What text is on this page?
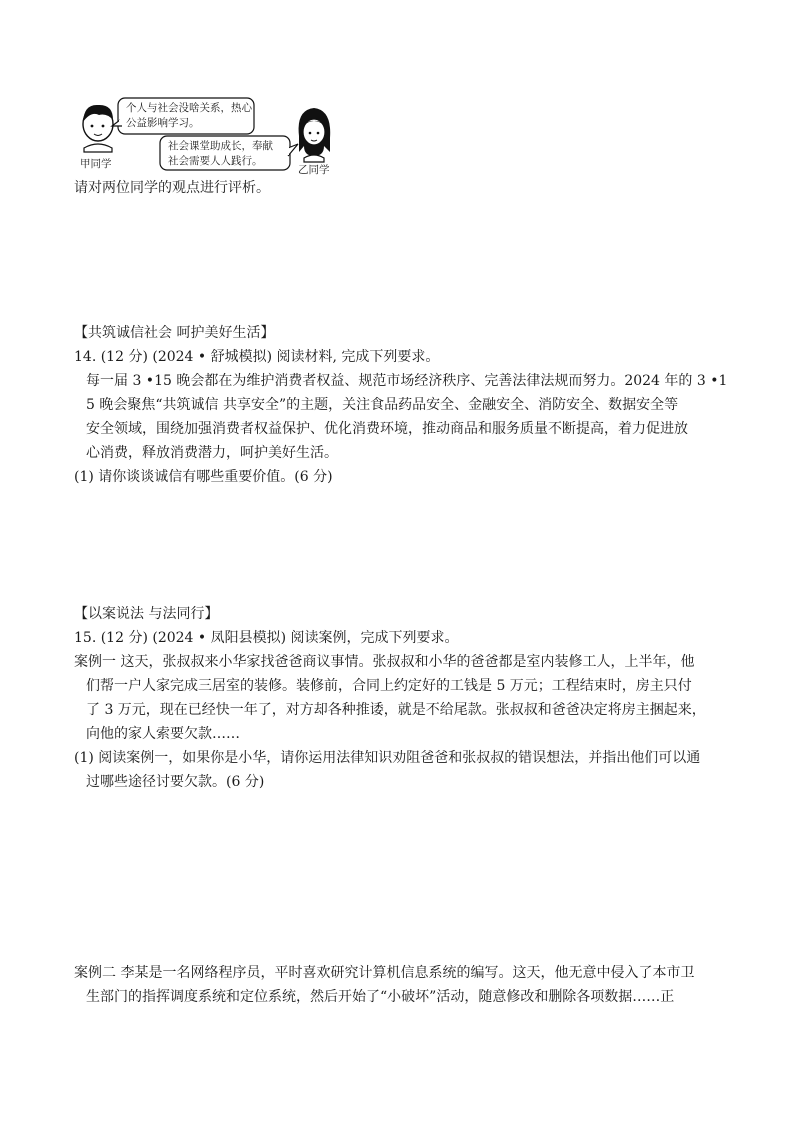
个人与社会没啥关系，热心
公益影响学习。
社会课堂助成长，奉献
社会需要人人践行。
甲同学	乙同学

请对两位同学的观点进行评析。

【共筑诚信社会 呵护美好生活】

14. (12 分) (2024 • 舒城模拟) 阅读材料, 完成下列要求。

每一届 3 •15 晚会都在为维护消费者权益、规范市场经济秩序、完善法律法规而努力。2024 年的 3 •1

5 晚会聚焦“共筑诚信 共享安全”的主题，关注食品药品安全、金融安全、消防安全、数据安全等

安全领域，围绕加强消费者权益保护、优化消费环境，推动商品和服务质量不断提高，着力促进放

心消费，释放消费潜力，呵护美好生活。

(1) 请你谈谈诚信有哪些重要价值。(6 分)

【以案说法 与法同行】

15. (12 分) (2024 • 凤阳县模拟) 阅读案例，完成下列要求。

案例一 这天，张叔叔来小华家找爸爸商议事情。张叔叔和小华的爸爸都是室内装修工人，上半年，他

们帮一户人家完成三居室的装修。装修前，合同上约定好的工钱是 5 万元；工程结束时，房主只付

了 3 万元，现在已经快一年了，对方却各种推诿，就是不给尾款。张叔叔和爸爸决定将房主捆起来，

向他的家人索要欠款……

(1) 阅读案例一，如果你是小华，请你运用法律知识劝阻爸爸和张叔叔的错误想法，并指出他们可以通

过哪些途径讨要欠款。(6 分)

案例二 李某是一名网络程序员，平时喜欢研究计算机信息系统的编写。这天，他无意中侵入了本市卫

生部门的指挥调度系统和定位系统，然后开始了“小破坏”活动，随意修改和删除各项数据……正
